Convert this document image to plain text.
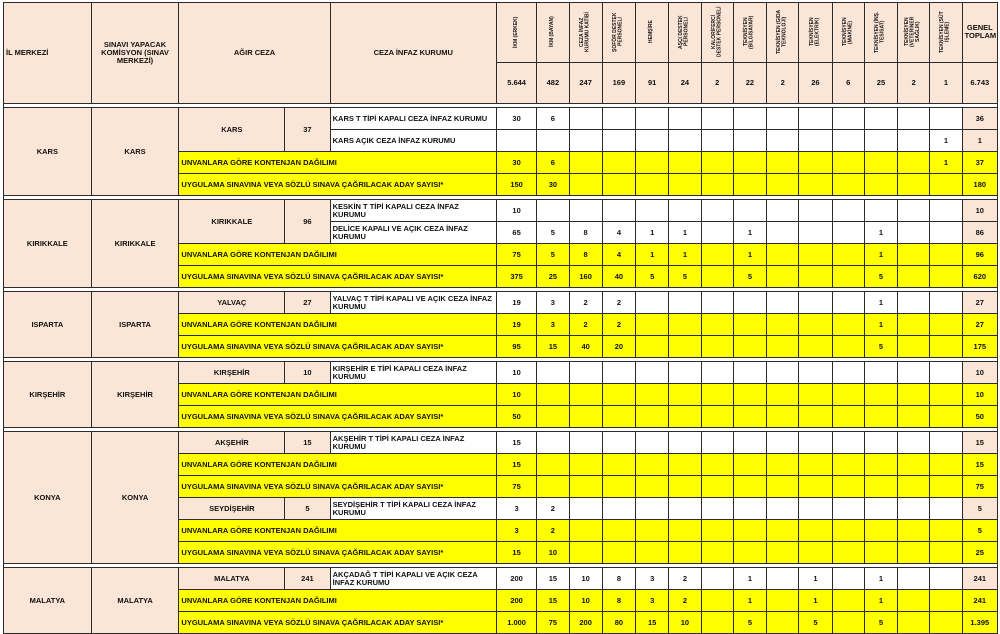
İL MERKEZİ	SINAVI YAPACAK KOMİSYON (SINAV MERKEZİ)	AĞIR CEZA		CEZA İNFAZ KURUMU	İKM (ERKEK)	İKM (BAYAN)	CEZA İNFAZ KURUMU KATİBİ	ŞOFÖR DESTEK PERSONELİ	HEMŞİRE	AŞÇI DESTEK PERSONELİ	KALORİFERCİ DESTEK PERSONELİ	TEKNİSYEN (BİLGİSAYAR)	TEKNİSYEN (GIDA TEKNOLOJİ)	TEKNİSYEN (ELEKTRİK)	TEKNİSYEN (MAKİNE)	TEKNİSYEN (İNŞ. TESİSAT)	TEKNİSYEN (VETERİNER SAĞLIK)	TEKNİSYEN (SÜT İŞLEME)	GENEL TOPLAM
					5.644	482	247	169	91	24	2	22	2	26	6	25	2	1	6.743

KARS	KARS	KARS	37	KARS T TİPİ KAPALI CEZA İNFAZ KURUMU	30	6													36
				KARS AÇIK CEZA İNFAZ KURUMU														1	1
		UNVANLARA GÖRE KONTENJAN DAĞILIMI			30	6												1	37
		UYGULAMA SINAVINA VEYA SÖZLÜ SINAVA ÇAĞRILACAK ADAY SAYISI*			150	30													180

KIRIKKALE	KIRIKKALE	KIRIKKALE	96	KESKİN T TİPİ KAPALI CEZA İNFAZ KURUMU	10														10
				DELİCE KAPALI VE AÇIK CEZA İNFAZ KURUMU	65	5	8	4	1	1		1				1			86
		UNVANLARA GÖRE KONTENJAN DAĞILIMI			75	5	8	4	1	1		1				1			96
		UYGULAMA SINAVINA VEYA SÖZLÜ SINAVA ÇAĞRILACAK ADAY SAYISI*			375	25	160	40	5	5		5				5			620

ISPARTA	ISPARTA	YALVAÇ	27	YALVAÇ T TİPİ KAPALI VE AÇIK CEZA İNFAZ KURUMU	19	3	2	2								1			27
		UNVANLARA GÖRE KONTENJAN DAĞILIMI			19	3	2	2								1			27
		UYGULAMA SINAVINA VEYA SÖZLÜ SINAVA ÇAĞRILACAK ADAY SAYISI*			95	15	40	20								5			175

KIRŞEHİR	KIRŞEHİR	KIRŞEHİR	10	KIRŞEHİR E TİPİ KAPALI CEZA İNFAZ KURUMU	10														10
		UNVANLARA GÖRE KONTENJAN DAĞILIMI			10														10
		UYGULAMA SINAVINA VEYA SÖZLÜ SINAVA ÇAĞRILACAK ADAY SAYISI*			50														50

KONYA	KONYA	AKŞEHİR	15	AKŞEHİR T TİPİ KAPALI CEZA İNFAZ KURUMU	15														15
		UNVANLARA GÖRE KONTENJAN DAĞILIMI			15														15
		UYGULAMA SINAVINA VEYA SÖZLÜ SINAVA ÇAĞRILACAK ADAY SAYISI*			75														75
		SEYDİŞEHİR	5	SEYDİŞEHİR T TİPİ KAPALI CEZA İNFAZ KURUMU	3	2													5
		UNVANLARA GÖRE KONTENJAN DAĞILIMI			3	2													5
		UYGULAMA SINAVINA VEYA SÖZLÜ SINAVA ÇAĞRILACAK ADAY SAYISI*			15	10													25

MALATYA	MALATYA	MALATYA	241	AKÇADAĞ T TİPİ KAPALI VE AÇIK CEZA İNFAZ KURUMU	200	15	10	8	3	2		1		1		1			241
		UNVANLARA GÖRE KONTENJAN DAĞILIMI			200	15	10	8	3	2		1		1		1			241
		UYGULAMA SINAVINA VEYA SÖZLÜ SINAVA ÇAĞRILACAK ADAY SAYISI*			1.000	75	200	80	15	10		5		5		5			1.395
